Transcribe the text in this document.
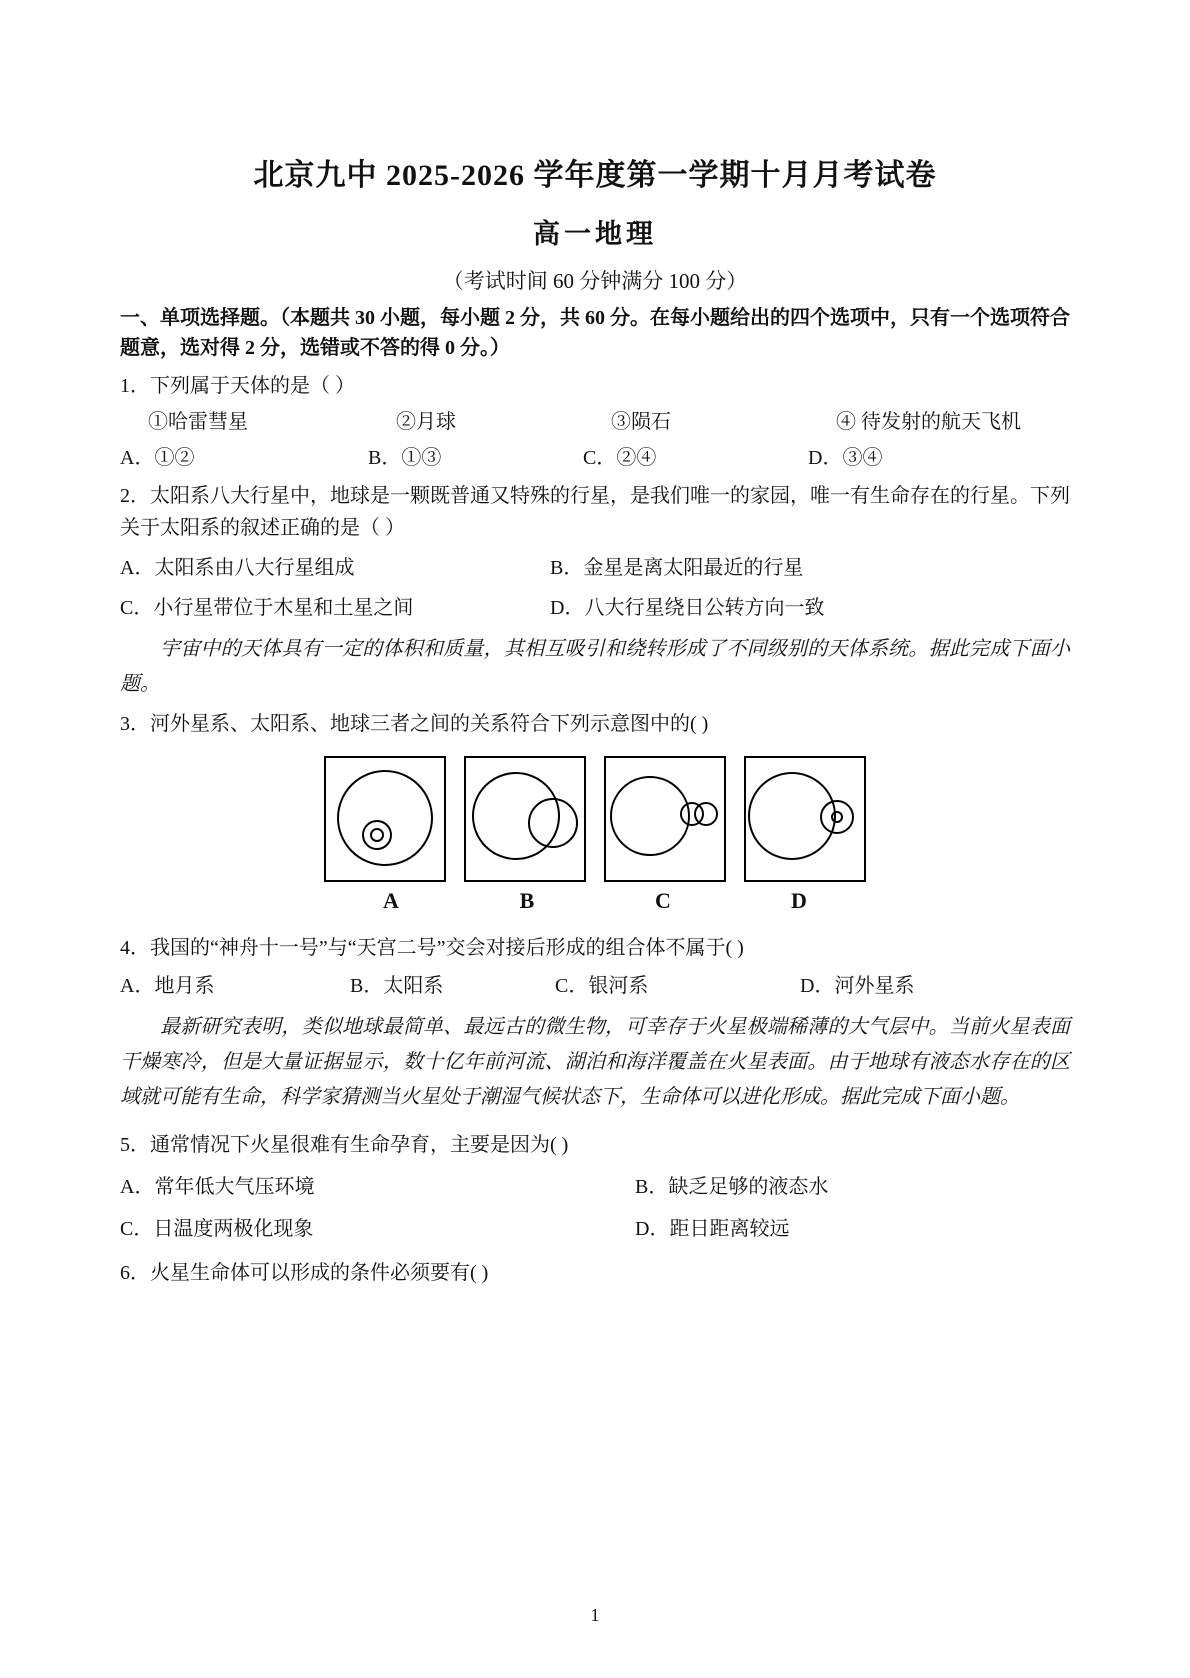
北京九中 2025-2026 学年度第一学期十月月考试卷
高一地理
（考试时间 60 分钟满分 100 分）
一、单项选择题。（本题共 30 小题，每小题 2 分，共 60 分。在每小题给出的四个选项中，只有一个选项符合题意，选对得 2 分，选错或不答的得 0 分。）
1．下列属于天体的是（ ）
①哈雷彗星	②月球	③陨石	④ 待发射的航天飞机
A．①②	B．①③	C．②④	D．③④
2．太阳系八大行星中，地球是一颗既普通又特殊的行星，是我们唯一的家园，唯一有生命存在的行星。下列关于太阳系的叙述正确的是（ ）
A．太阳系由八大行星组成	B．金星是离太阳最近的行星
C．小行星带位于木星和土星之间	D．八大行星绕日公转方向一致
宇宙中的天体具有一定的体积和质量，其相互吸引和绕转形成了不同级别的天体系统。据此完成下面小题。
3．河外星系、太阳系、地球三者之间的关系符合下列示意图中的( )
A	B	C	D
4．我国的“神舟十一号”与“天宫二号”交会对接后形成的组合体不属于( )
A．地月系	B．太阳系	C．银河系	D．河外星系
最新研究表明，类似地球最简单、最远古的微生物，可幸存于火星极端稀薄的大气层中。当前火星表面干燥寒冷，但是大量证据显示，数十亿年前河流、湖泊和海洋覆盖在火星表面。由于地球有液态水存在的区域就可能有生命，科学家猜测当火星处于潮湿气候状态下，生命体可以进化形成。据此完成下面小题。
5．通常情况下火星很难有生命孕育，主要是因为( )
A．常年低大气压环境	B．缺乏足够的液态水
C．日温度两极化现象	D．距日距离较远
6．火星生命体可以形成的条件必须要有( )
1
